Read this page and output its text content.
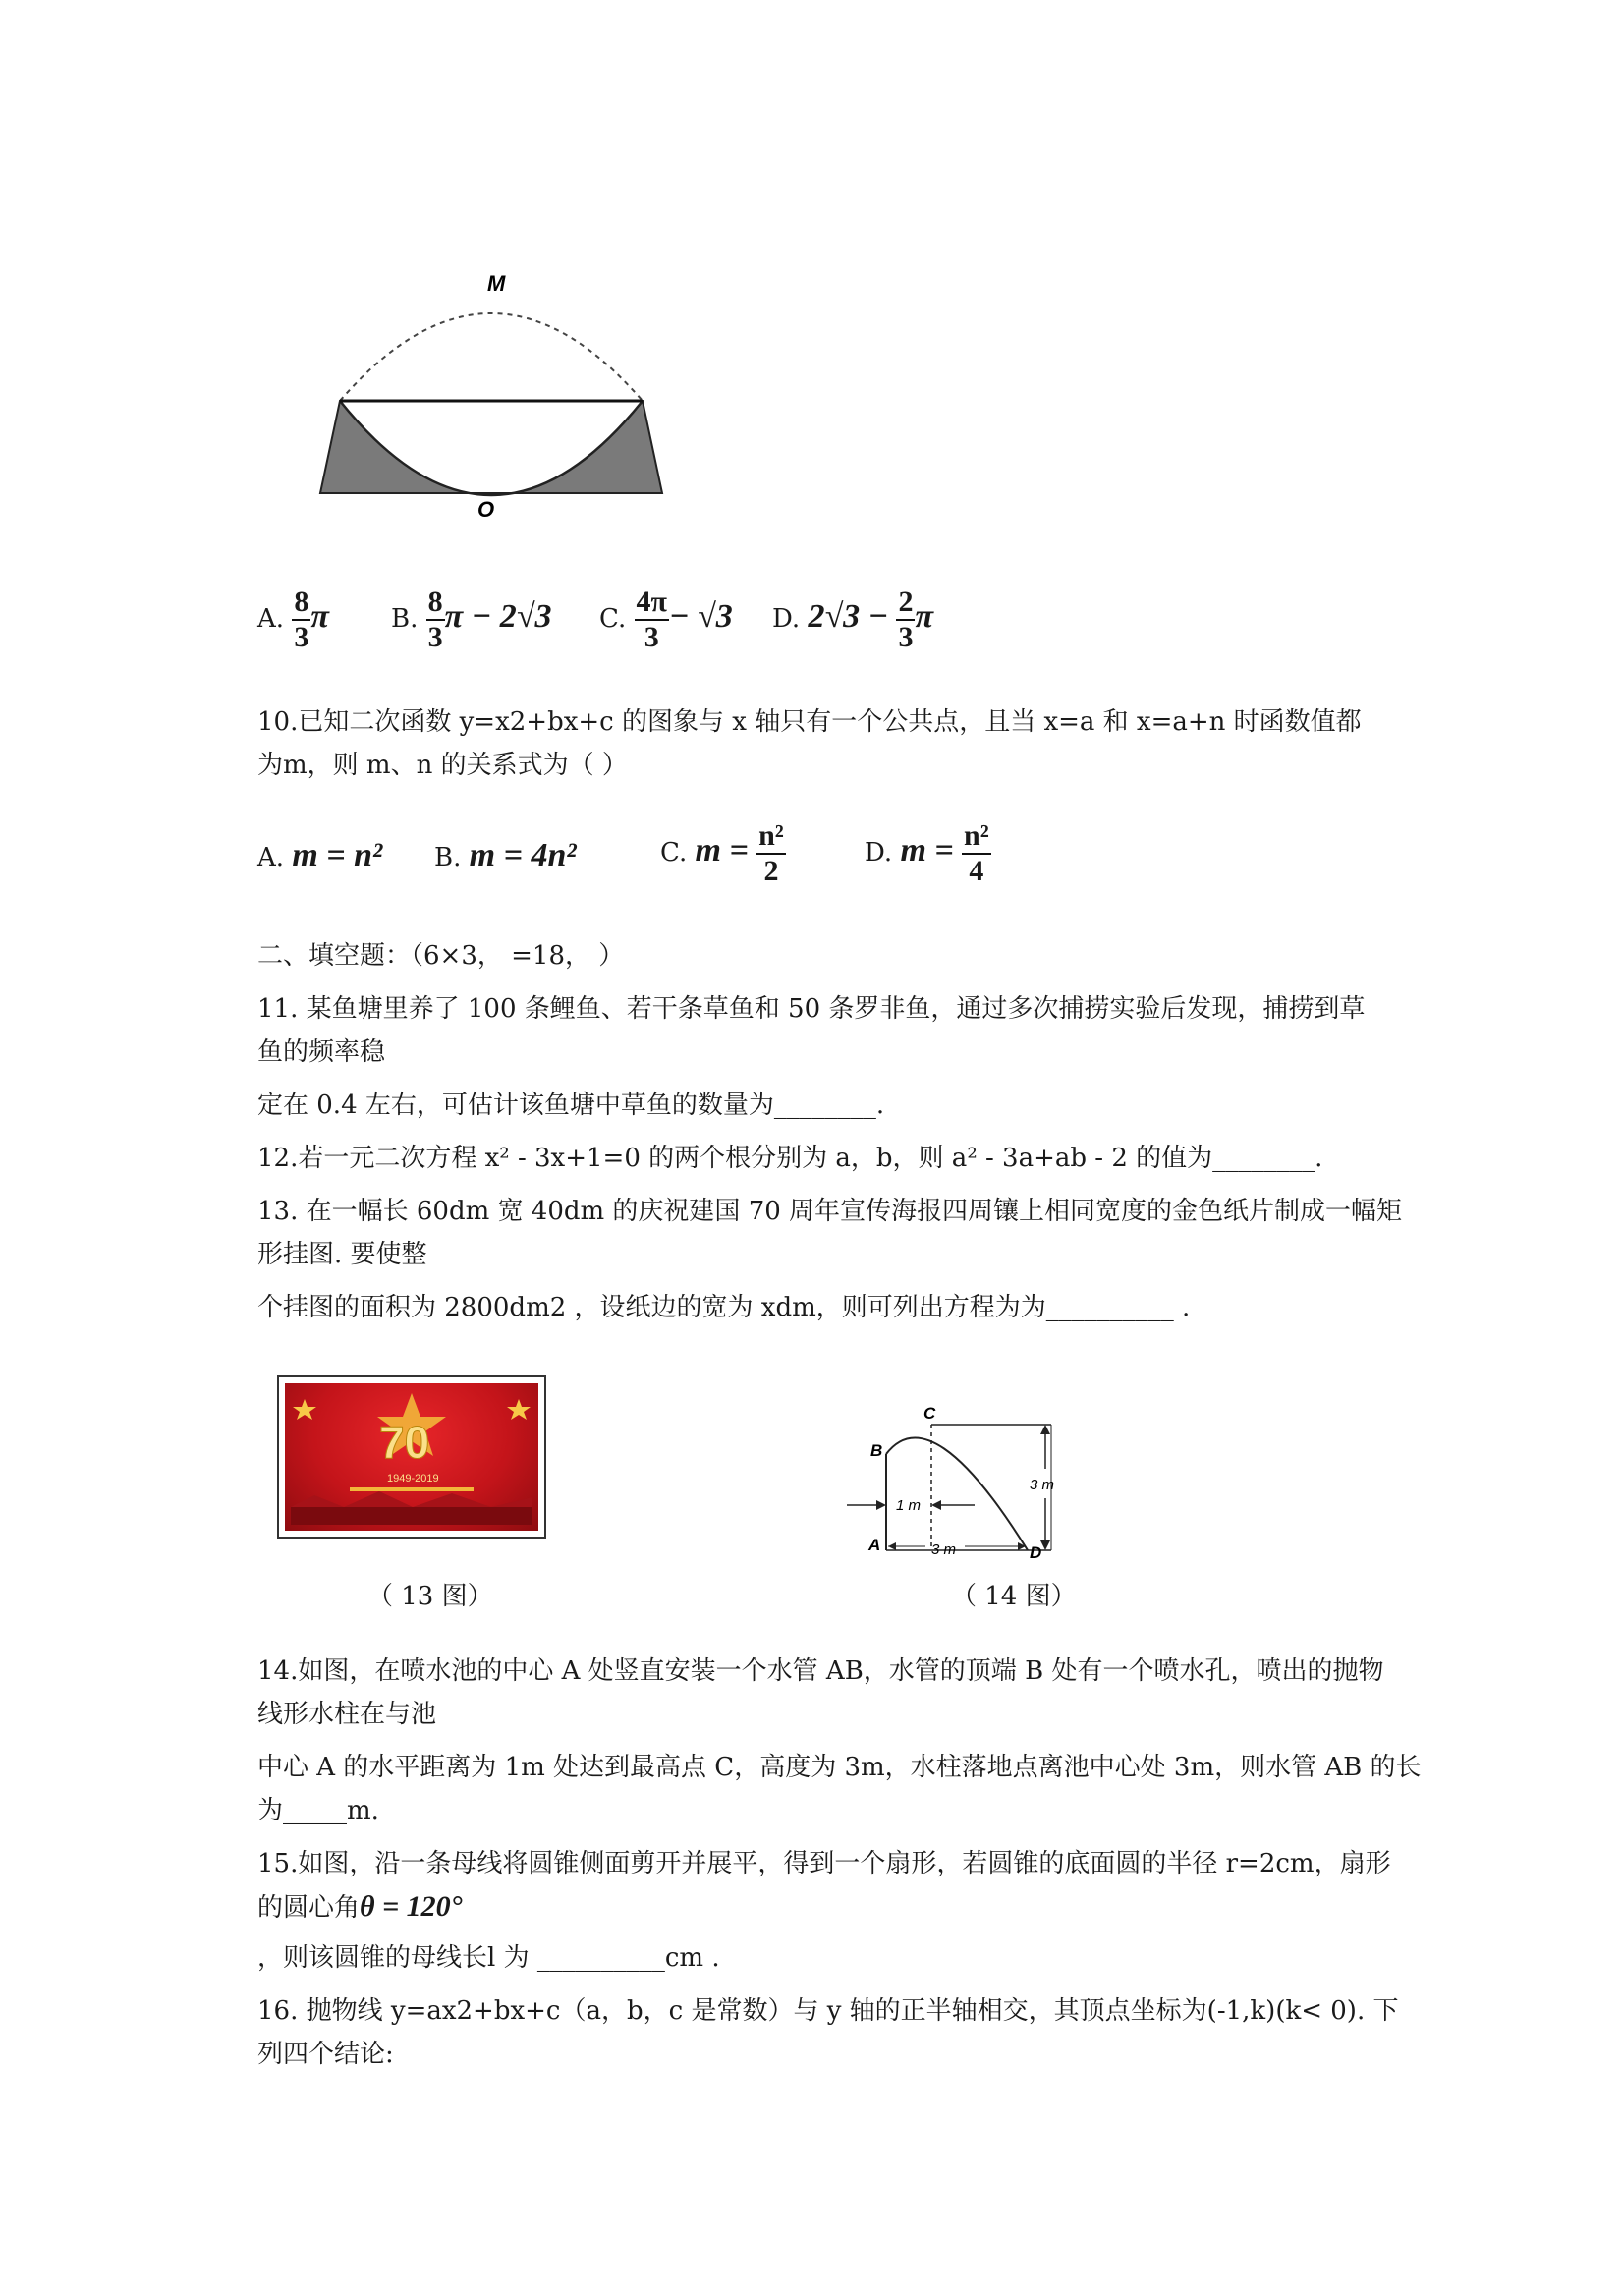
M
O
A. $\frac{8}{3}$ π B. $\frac{8}{3}$ π − 2√3 C. $\frac{4\pi}{3} - √3$ D. $2√3 - \frac{2}{3}$ π
10.已知二次函数 y=x2+bx+c 的图象与 x 轴只有一个公共点，且当 x=a 和 x=a+n 时函数值都
为m，则 m、n 的关系式为（ ）
A. m = n² B. m = 4n²	C. $m = \frac{\text{n²}}{2}$	D. $m = \frac{\text{n²}}{4}$
二、填空题：（6×3， =18， ）
11. 某鱼塘里养了 100 条鲤鱼、若干条草鱼和 50 条罗非鱼，通过多次捕捞实验后发现，捕捞到草
鱼的频率稳
定在 0.4 左右，可估计该鱼塘中草鱼的数量为________.
12.若一元二次方程 x² - 3x+1=0 的两个根分别为 a，b，则 a² - 3a+ab - 2 的值为________.
13. 在一幅长 60dm 宽 40dm 的庆祝建国 70 周年宣传海报四周镶上相同宽度的金色纸片制成一幅矩
形挂图. 要使整
个挂图的面积为 2800dm2 ，设纸边的宽为 xdm，则可列出方程为为__________ .
70
1949-2019
（ 13 图）
C
B
A	D
3 m
1 m
3 m
（ 14 图）
14.如图，在喷水池的中心 A 处竖直安装一个水管 AB，水管的顶端 B 处有一个喷水孔，喷出的抛物
线形水柱在与池
中心 A 的水平距离为 1m 处达到最高点 C，高度为 3m，水柱落地点离池中心处 3m，则水管 AB 的长
为_____m.
15.如图，沿一条母线将圆锥侧面剪开并展平，得到一个扇形，若圆锥的底面圆的半径 r=2cm，扇形
的圆心角θ = 120°
，则该圆锥的母线长l 为 __________cm .
16. 抛物线 y=ax2+bx+c（a，b，c 是常数）与 y 轴的正半轴相交，其顶点坐标为(-1,k)(k< 0). 下
列四个结论:
